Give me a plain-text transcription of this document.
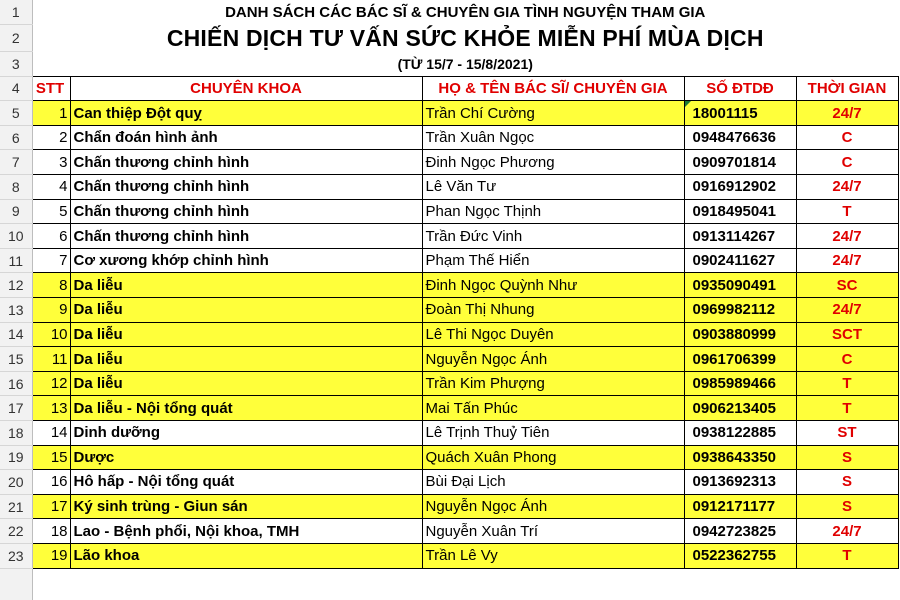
1	DANH SÁCH CÁC BÁC SĨ & CHUYÊN GIA TÌNH NGUYỆN THAM GIA				
2	CHIẾN DỊCH TƯ VẤN SỨC KHỎE MIỄN PHÍ MÙA DỊCH				
3	(TỪ 15/7 - 15/8/2021)				
4	STT	CHUYÊN KHOA	HỌ & TÊN BÁC SĨ/ CHUYÊN GIA	SỐ ĐTDĐ	THỜI GIAN
5	1	Can thiệp Đột quỵ	Trần Chí Cường	18001115	24/7
6	2	Chẩn đoán hình ảnh	Trần Xuân Ngọc	0948476636	C
7	3	Chấn thương chỉnh hình	Đinh Ngọc Phương	0909701814	C
8	4	Chấn thương chỉnh hình	Lê Văn Tư	0916912902	24/7
9	5	Chấn thương chỉnh hình	Phan Ngọc Thịnh	0918495041	T
10	6	Chấn thương chỉnh hình	Trần Đức Vinh	0913114267	24/7
11	7	Cơ xương khớp chỉnh hình	Phạm Thế Hiển	0902411627	24/7
12	8	Da liễu	Đinh Ngọc Quỳnh Như	0935090491	SC
13	9	Da liễu	Đoàn Thị Nhung	0969982112	24/7
14	10	Da liễu	Lê Thi Ngọc Duyên	0903880999	SCT
15	11	Da liễu	Nguyễn Ngọc Ánh	0961706399	C
16	12	Da liễu	Trần Kim Phượng	0985989466	T
17	13	Da liễu - Nội tổng quát	Mai Tấn Phúc	0906213405	T
18	14	Dinh dưỡng	Lê Trịnh Thuỷ Tiên	0938122885	ST
19	15	Dược	Quách Xuân Phong	0938643350	S
20	16	Hô hấp - Nội tổng quát	Bùi Đại Lịch	0913692313	S
21	17	Ký sinh trùng - Giun sán	Nguyễn Ngọc Ánh	0912171177	S
22	18	Lao - Bệnh phổi, Nội khoa, TMH	Nguyễn Xuân Trí	0942723825	24/7
23	19	Lão khoa	Trần Lê Vy	0522362755	T
